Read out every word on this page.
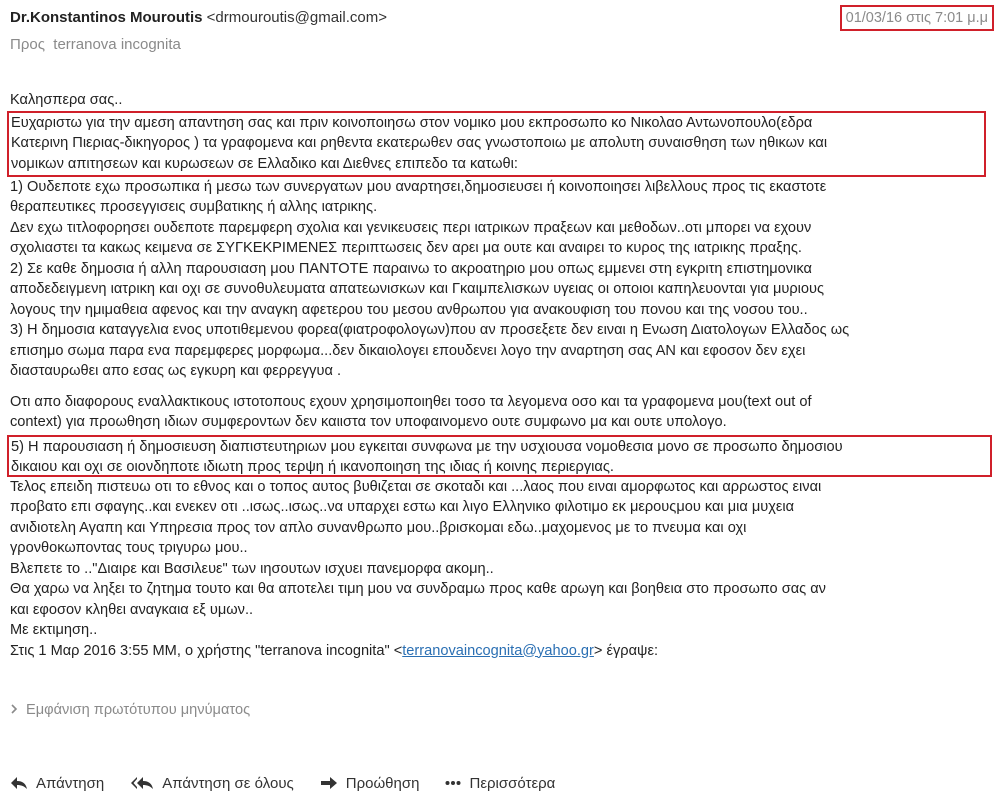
Dr.Konstantinos Mouroutis <drmouroutis@gmail.com>
Προς terranova incognita
01/03/16 στις 7:01 μ.μ
Καλησπερα σας..
Ευχαριστω για την αμεση απαντηση σας και πριν κοινοποιησω στον νομικο μου εκπροσωπο κο Νικολαο Αντωνοπουλο(εδρα
Κατερινη Πιεριας-δικηγορος ) τα γραφομενα και ρηθεντα εκατερωθεν σας γνωστοποιω με απολυτη συναισθηση των ηθικων και
νομικων απιτησεων και κυρωσεων σε Ελλαδικο και Διεθνες επιπεδο τα κατωθι:
1) Ουδεποτε εχω προσωπικα ή μεσω των συνεργατων μου αναρτησει,δημοσιευσει ή κοινοποιησει λιβελλους προς τις εκαστοτε
θεραπευτικες προσεγγισεις συμβατικης ή αλλης ιατρικης.
Δεν εχω τιτλοφορησει ουδεποτε παρεμφερη σχολια και γενικευσεις περι ιατρικων πραξεων και μεθοδων..οτι μπορει να εχουν
σχολιαστει τα κακως κειμενα σε ΣΥΓΚΕΚΡΙΜΕΝΕΣ περιπτωσεις δεν αρει μα ουτε και αναιρει το κυρος της ιατρικης πραξης.
2) Σε καθε δημοσια ή αλλη παρουσιαση μου ΠΑΝΤΟΤΕ παραινω το ακροατηριο μου οπως εμμενει στη εγκριτη επιστημονικα
αποδεδειγμενη ιατρικη και οχι σε συνοθυλευματα απατεωνισκων και Γκαιμπελισκων υγειας οι οποιοι καπηλευονται για μυριους
λογους την ημιμαθεια αφενος και την αναγκη αφετερου του μεσου ανθρωπου για ανακουφιση του πονου και της νοσου του..
3) Η δημοσια καταγγελια ενος υποτιθεμενου φορεα(φιατροφολογων)που αν προσεξετε δεν ειναι η Ενωση Διατολογων Ελλαδος ως
επισημο σωμα παρα ενα παρεμφερες μορφωμα...δεν δικαιολογει επουδενει λογο την αναρτηση σας ΑΝ και εφοσον δεν εχει
διασταυρωθει απο εσας ως εγκυρη και φερρεγγυα .
Οτι απο διαφορους εναλλακτικους ιστοτοπους εχουν χρησιμοποιηθει τοσο τα λεγομενα οσο και τα γραφομενα μου(text out of
context) για προωθηση ιδιων συμφεροντων δεν καιιστα τον υποφαινομενο ουτε συμφωνο μα και ουτε υπολογο.
5) Η παρουσιαση ή δημοσιευση διαπιστευτηριων μου εγκειται συνφωνα με την υσχιουσα νομοθεσια μονο σε προσωπο δημοσιου
δικαιου και οχι σε οιονδηποτε ιδιωτη προς τερψη ή ικανοποιηση της ιδιας ή κοινης περιεργιας.
Τελος επειδη πιστευω οτι το εθνος και ο τοπος αυτος βυθιζεται σε σκοταδι και ...λαος που ειναι αμορφωτος και αρρωστος ειναι
προβατο επι σφαγης..και ενεκεν οτι ..ισως..ισως..να υπαρχει εστω και λιγο Ελληνικο φιλοτιμο εκ μερουςμου και μια μυχεια
ανιδιοτελη Αγαπη και Υπηρεσια προς τον απλο συνανθρωπο μου..βρισκομαι εδω..μαχομενος με το πνευμα και οχι
γρονθοκωποντας τους τριγυρω μου..
Βλεπετε το .."Διαιρε και Βασιλευε" των ιησουτων ισχυει πανεμορφα ακομη..
Θα χαρω να ληξει το ζητημα τουτο και θα αποτελει τιμη μου να συνδραμω προς καθε αρωγη και βοηθεια στο προσωπο σας αν
και εφοσον κληθει αναγκαια εξ υμων..
Με εκτιμηση..
Στις 1 Μαρ 2016 3:55 ΜΜ, ο χρήστης "terranova incognita" <terranovaincognita@yahoo.gr> έγραψε:
Εμφάνιση πρωτότυπου μηνύματος
Απάντηση	Απάντηση σε όλους	Προώθηση	Περισσότερα
